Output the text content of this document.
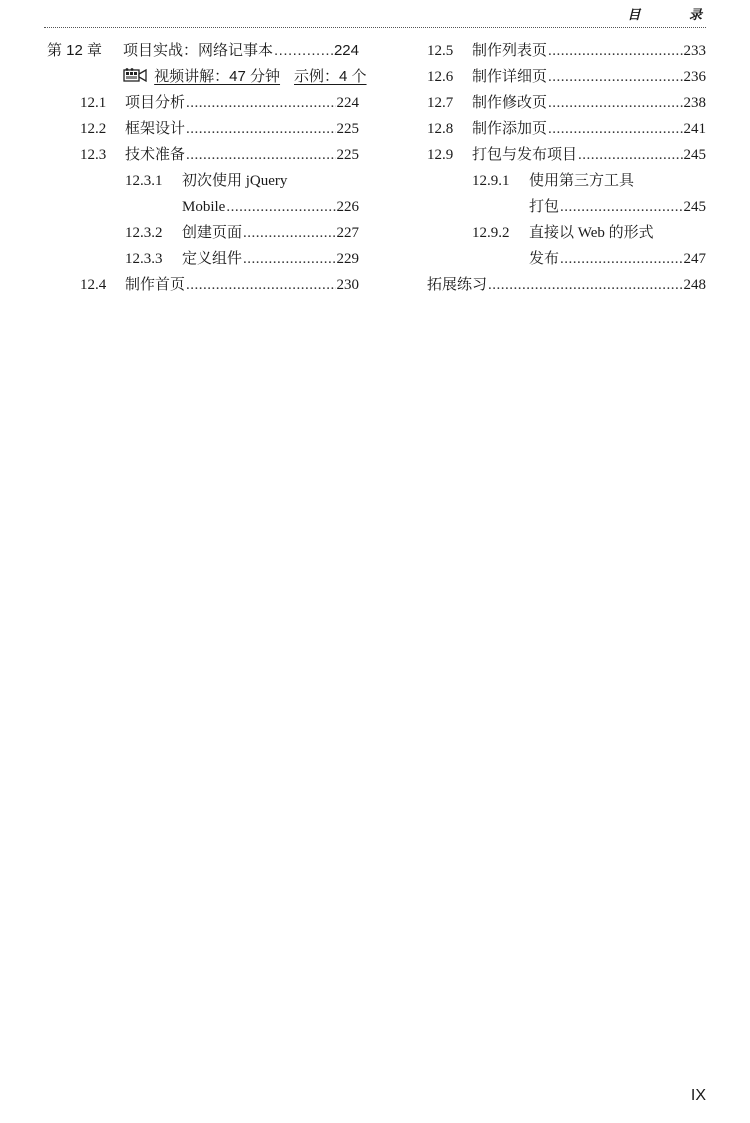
目 录
第 12 章	项目实战：网络记事本 .....	224
视频讲解：47 分钟 示例：4 个
12.1	项目分析 .....	224
12.2	框架设计 .....	225
12.3	技术准备 .....	225
12.3.1	初次使用 jQuery
Mobile .....	226
12.3.2	创建页面 .....	227
12.3.3	定义组件 .....	229
12.4	制作首页 .....	230
12.5	制作列表页 .....	233
12.6	制作详细页 .....	236
12.7	制作修改页 .....	238
12.8	制作添加页 .....	241
12.9	打包与发布项目 .....	245
12.9.1	使用第三方工具
打包 .....	245
12.9.2	直接以 Web 的形式
发布 .....	247
拓展练习 .....	248
IX
